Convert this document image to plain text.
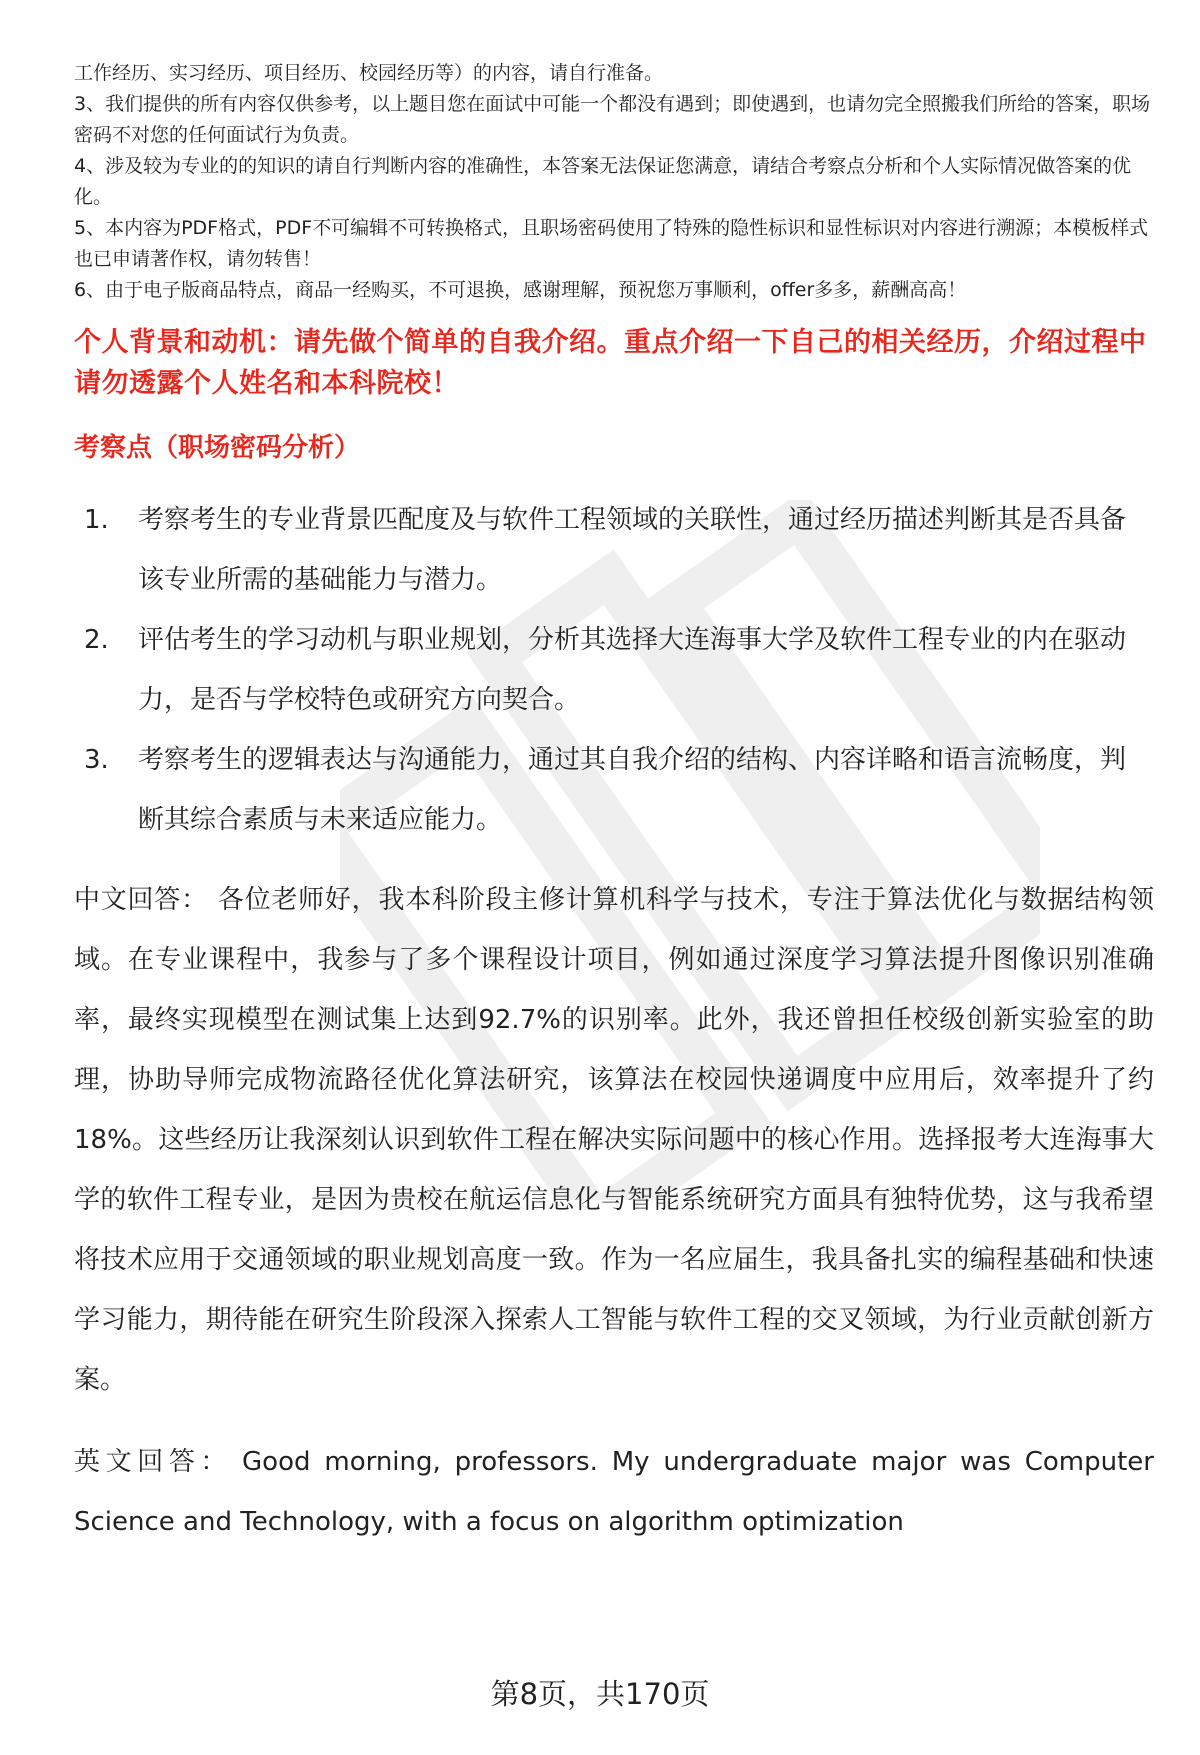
工作经历、实习经历、项目经历、校园经历等）的内容，请自行准备。

3、我们提供的所有内容仅供参考，以上题目您在面试中可能一个都没有遇到；即使遇到，也请勿完全照搬我们所给的答案，职场密码不对您的任何面试行为负责。

4、涉及较为专业的的知识的请自行判断内容的准确性，本答案无法保证您满意，请结合考察点分析和个人实际情况做答案的优化。

5、本内容为PDF格式，PDF不可编辑不可转换格式，且职场密码使用了特殊的隐性标识和显性标识对内容进行溯源；本模板样式也已申请著作权，请勿转售！

6、由于电子版商品特点，商品一经购买，不可退换，感谢理解，预祝您万事顺利，offer多多，薪酬高高！

个人背景和动机：请先做个简单的自我介绍。重点介绍一下自己的相关经历，介绍过程中请勿透露个人姓名和本科院校！
考察点（职场密码分析）
1.	考察考生的专业背景匹配度及与软件工程领域的关联性，通过经历描述判断其是否具备该专业所需的基础能力与潜力。
2.	评估考生的学习动机与职业规划，分析其选择大连海事大学及软件工程专业的内在驱动力，是否与学校特色或研究方向契合。
3.	考察考生的逻辑表达与沟通能力，通过其自我介绍的结构、内容详略和语言流畅度，判断其综合素质与未来适应能力。

中文回答： 各位老师好，我本科阶段主修计算机科学与技术，专注于算法优化与数据结构领域。在专业课程中，我参与了多个课程设计项目，例如通过深度学习算法提升图像识别准确率，最终实现模型在测试集上达到92.7%的识别率。此外，我还曾担任校级创新实验室的助理，协助导师完成物流路径优化算法研究，该算法在校园快递调度中应用后，效率提升了约18%。这些经历让我深刻认识到软件工程在解决实际问题中的核心作用。选择报考大连海事大学的软件工程专业，是因为贵校在航运信息化与智能系统研究方面具有独特优势，这与我希望将技术应用于交通领域的职业规划高度一致。作为一名应届生，我具备扎实的编程基础和快速学习能力，期待能在研究生阶段深入探索人工智能与软件工程的交叉领域，为行业贡献创新方案。

英文回答： Good morning, professors. My undergraduate major was Computer Science and Technology, with a focus on algorithm optimization

第8页，共170页
